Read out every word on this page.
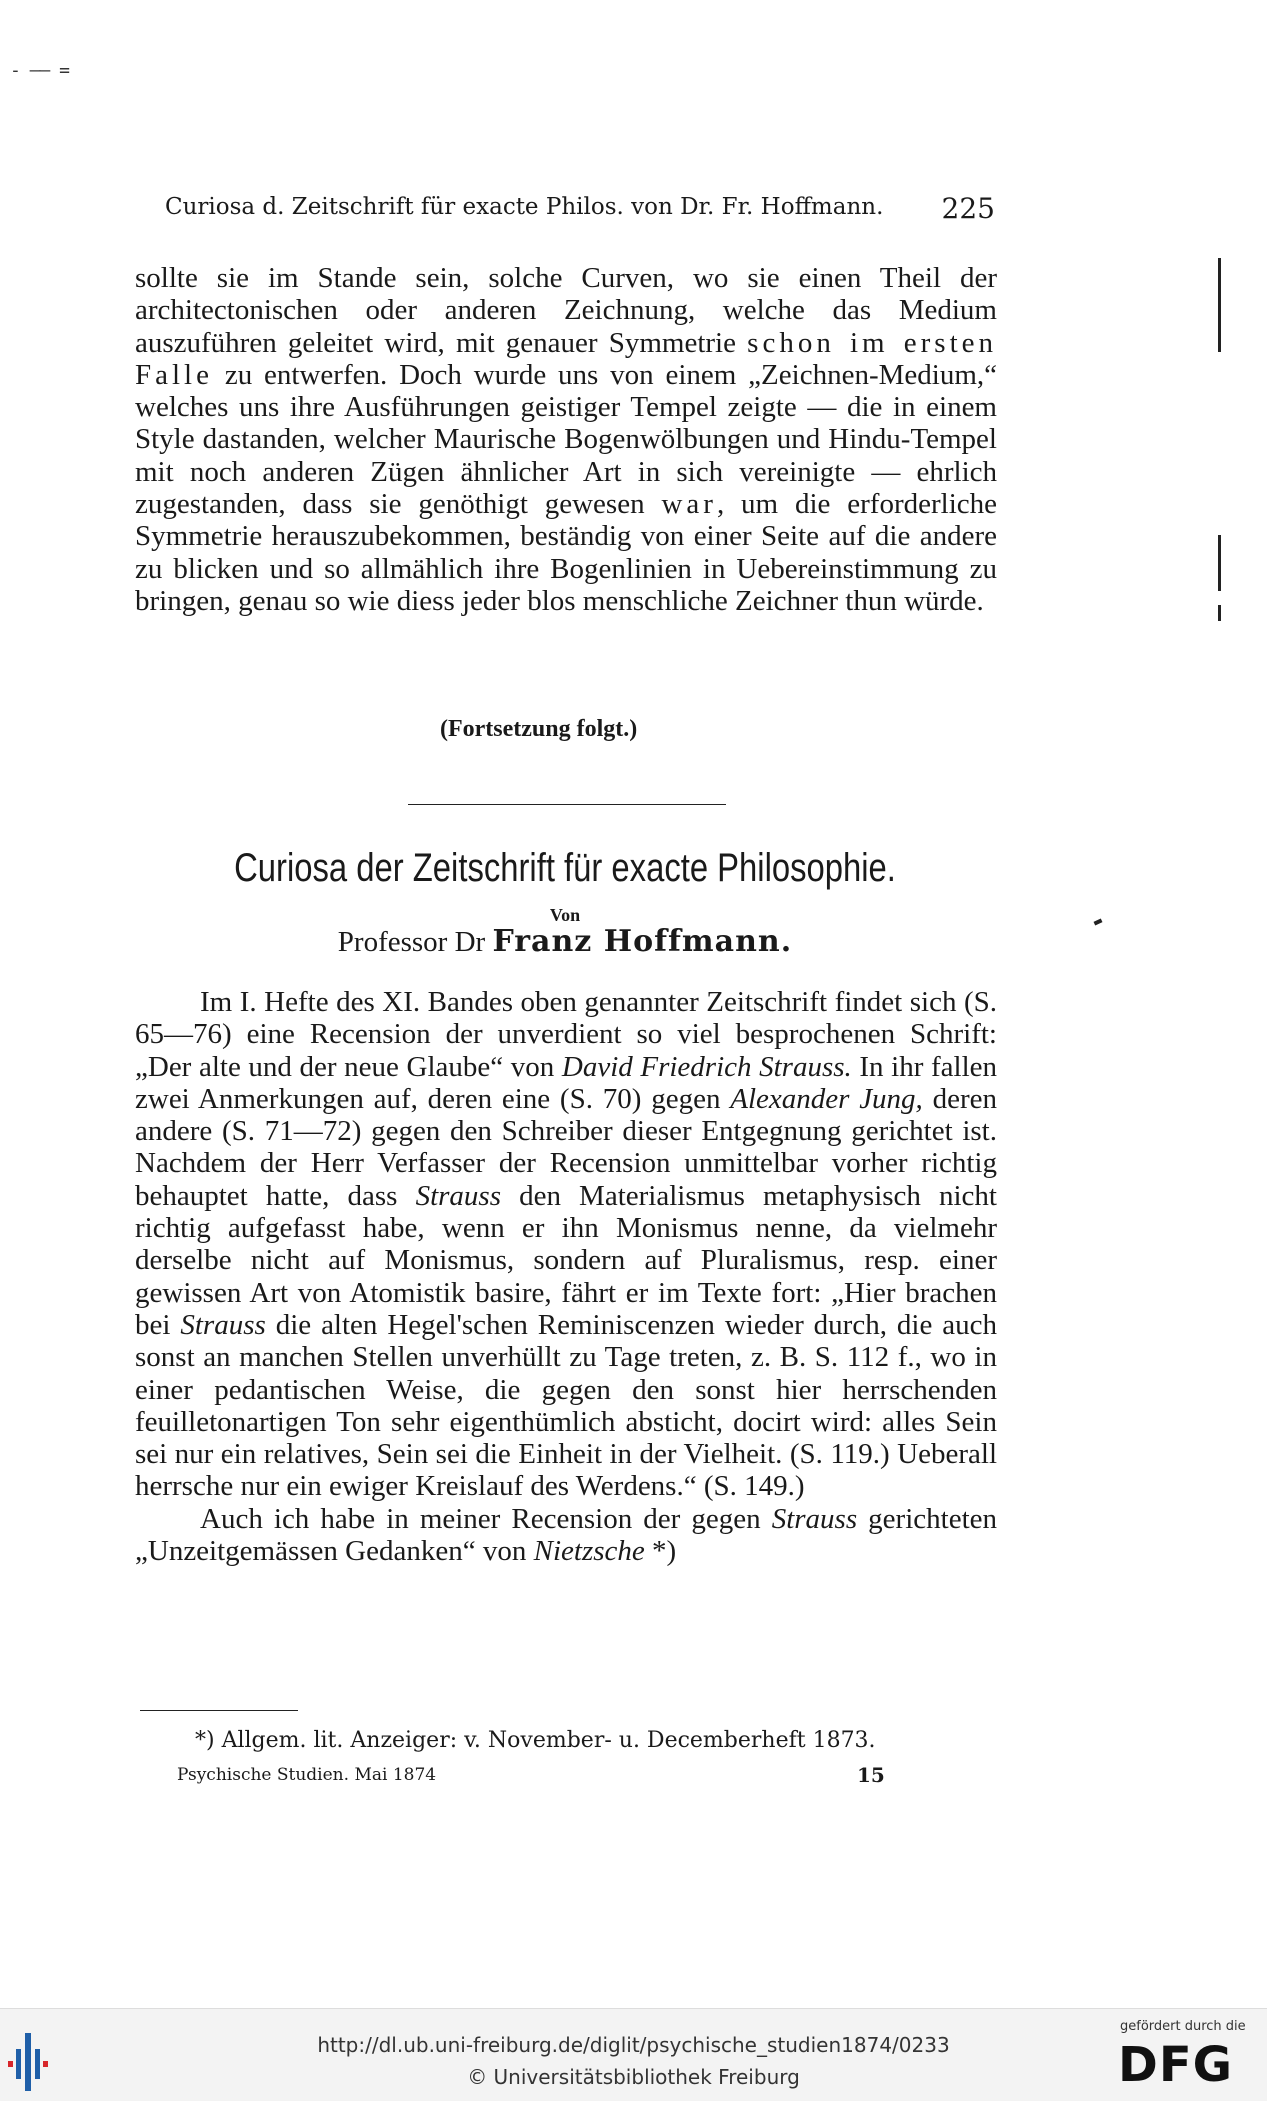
- —— =
Curiosa d. Zeitschrift für exacte Philos. von Dr. Fr. Hoffmann. 225

sollte sie im Stande sein, solche Curven, wo sie einen Theil der architectonischen oder anderen Zeichnung, welche das Medium auszuführen geleitet wird, mit genauer Symmetrie schon im ersten Falle zu entwerfen. Doch wurde uns von einem „Zeichnen-Medium,“ welches uns ihre Ausführungen geistiger Tempel zeigte — die in einem Style dastanden, welcher Maurische Bogenwölbungen und Hindu-Tempel mit noch anderen Zügen ähnlicher Art in sich vereinigte — ehrlich zugestanden, dass sie genöthigt gewesen war, um die erforderliche Symmetrie herauszubekommen, beständig von einer Seite auf die andere zu blicken und so allmählich ihre Bogenlinien in Uebereinstimmung zu bringen, genau so wie diess jeder blos menschliche Zeichner thun würde.

(Fortsetzung folgt.)
Curiosa der Zeitschrift für exacte Philosophie.
Von
Professor Dr Franz Hoffmann.

Im I. Hefte des XI. Bandes oben genannter Zeitschrift findet sich (S. 65—76) eine Recension der unverdient so viel besprochenen Schrift: „Der alte und der neue Glaube“ von David Friedrich Strauss. In ihr fallen zwei Anmerkungen auf, deren eine (S. 70) gegen Alexander Jung, deren andere (S. 71—72) gegen den Schreiber dieser Entgegnung gerichtet ist. Nachdem der Herr Verfasser der Recension unmittelbar vorher richtig behauptet hatte, dass Strauss den Materialismus metaphysisch nicht richtig aufgefasst habe, wenn er ihn Monismus nenne, da vielmehr derselbe nicht auf Monismus, sondern auf Pluralismus, resp. einer gewissen Art von Atomistik basire, fährt er im Texte fort: „Hier brachen bei Strauss die alten Hegel'schen Reminiscenzen wieder durch, die auch sonst an manchen Stellen unverhüllt zu Tage treten, z. B. S. 112 f., wo in einer pedantischen Weise, die gegen den sonst hier herrschenden feuilletonartigen Ton sehr eigenthümlich absticht, docirt wird: alles Sein sei nur ein relatives, Sein sei die Einheit in der Vielheit. (S. 119.) Ueberall herrsche nur ein ewiger Kreislauf des Werdens.“ (S. 149.)

Auch ich habe in meiner Recension der gegen Strauss gerichteten „Unzeitgemässen Gedanken“ von Nietzsche *)

*) Allgem. lit. Anzeiger: v. November- u. Decemberheft 1873.
Psychische Studien. Mai 1874	15
http://dl.ub.uni-freiburg.de/diglit/psychische_studien1874/0233
© Universitätsbibliothek Freiburg
gefördert durch die
DFG
